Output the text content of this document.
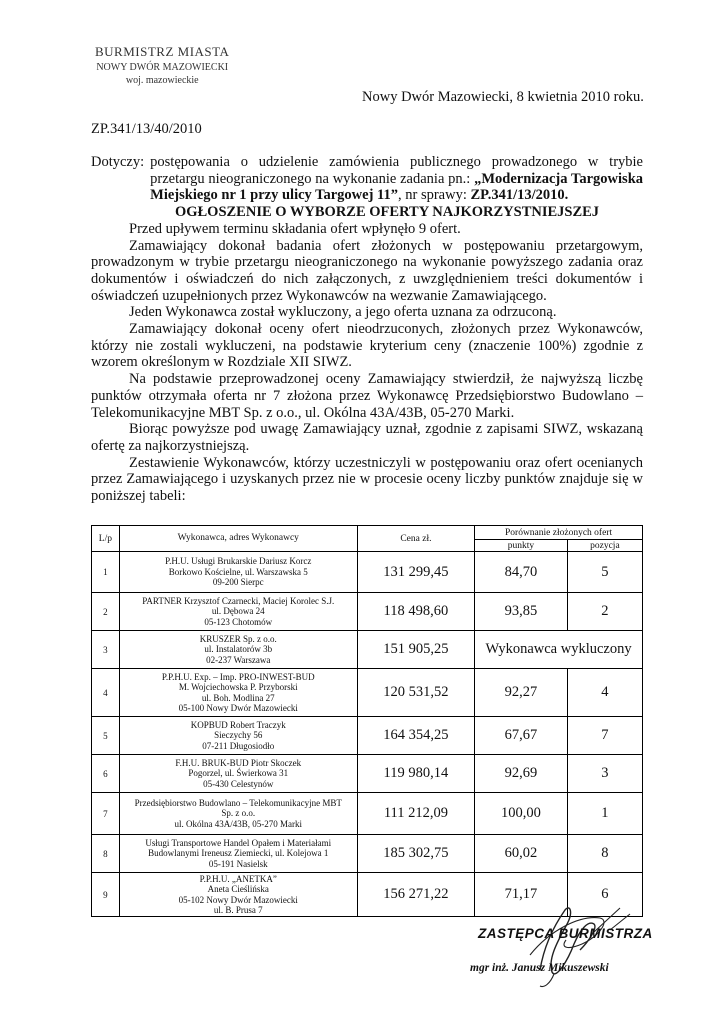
BURMISTRZ MIASTA
NOWY DWÓR MAZOWIECKI
woj. mazowieckie
Nowy Dwór Mazowiecki, 8 kwietnia 2010 roku.
ZP.341/13/40/2010
Dotyczy: postępowania o udzielenie zamówienia publicznego prowadzonego w trybie przetargu nieograniczonego na wykonanie zadania pn.: „Modernizacja Targowiska Miejskiego nr 1 przy ulicy Targowej 11”, nr sprawy: ZP.341/13/2010.

OGŁOSZENIE O WYBORZE OFERTY NAJKORZYSTNIEJSZEJ

Przed upływem terminu składania ofert wpłynęło 9 ofert.

Zamawiający dokonał badania ofert złożonych w postępowaniu przetargowym, prowadzonym w trybie przetargu nieograniczonego na wykonanie powyższego zadania oraz dokumentów i oświadczeń do nich załączonych, z uwzględnieniem treści dokumentów i oświadczeń uzupełnionych przez Wykonawców na wezwanie Zamawiającego.

Jeden Wykonawca został wykluczony, a jego oferta uznana za odrzuconą.

Zamawiający dokonał oceny ofert nieodrzuconych, złożonych przez Wykonawców, którzy nie zostali wykluczeni, na podstawie kryterium ceny (znaczenie 100%) zgodnie z wzorem określonym w Rozdziale XII SIWZ.

Na podstawie przeprowadzonej oceny Zamawiający stwierdził, że najwyższą liczbę punktów otrzymała oferta nr 7 złożona przez Wykonawcę Przedsiębiorstwo Budowlano – Telekomunikacyjne MBT Sp. z o.o., ul. Okólna 43A/43B, 05-270 Marki.

Biorąc powyższe pod uwagę Zamawiający uznał, zgodnie z zapisami SIWZ, wskazaną ofertę za najkorzystniejszą.

Zestawienie Wykonawców, którzy uczestniczyli w postępowaniu oraz ofert ocenianych przez Zamawiającego i uzyskanych przez nie w procesie oceny liczby punktów znajduje się w poniższej tabeli:

L/p	Wykonawca, adres Wykonawcy	Cena zł.	Porównanie złożonych ofert	
			punkty	pozycja
1	P.H.U. Usługi Brukarskie Dariusz Korcz
Borkowo Kościelne, ul. Warszawska 5
09-200 Sierpc	131 299,45	84,70	5
2	PARTNER Krzysztof Czarnecki, Maciej Korolec S.J.
ul. Dębowa 24
05-123 Chotomów	118 498,60	93,85	2
3	KRUSZER Sp. z o.o.
ul. Instalatorów 3b
02-237 Warszawa	151 905,25	Wykonawca wykluczony	
4	P.P.H.U. Exp. – Imp. PRO-INWEST-BUD
M. Wojciechowska P. Przyborski
ul. Boh. Modlina 27
05-100 Nowy Dwór Mazowiecki	120 531,52	92,27	4
5	KOPBUD Robert Traczyk
Sieczychy 56
07-211 Długosiodło	164 354,25	67,67	7
6	F.H.U. BRUK-BUD Piotr Skoczek
Pogorzel, ul. Świerkowa 31
05-430 Celestynów	119 980,14	92,69	3
7	Przedsiębiorstwo Budowlano – Telekomunikacyjne MBT
Sp. z o.o.
ul. Okólna 43A/43B, 05-270 Marki	111 212,09	100,00	1
8	Usługi Transportowe Handel Opałem i Materiałami
Budowlanymi Ireneusz Ziemiecki, ul. Kolejowa 1
05-191 Nasielsk	185 302,75	60,02	8
9	P.P.H.U. „ANETKA”
Aneta Cieślińska
05-102 Nowy Dwór Mazowiecki
ul. B. Prusa 7	156 271,22	71,17	6
ZASTĘPCA BURMISTRZA
mgr inż. Janusz Mikuszewski
